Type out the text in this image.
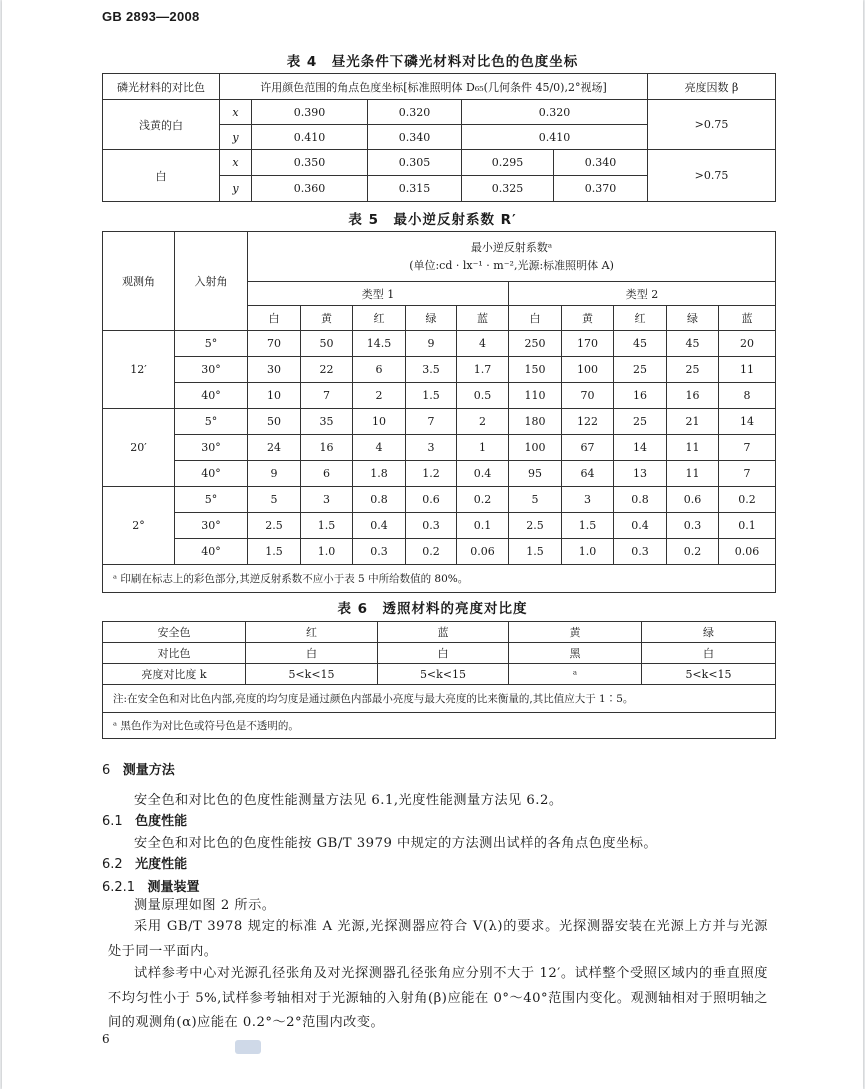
GB 2893—2008
表 4　昼光条件下磷光材料对比色的色度坐标
磷光材料的对比色	许用颜色范围的角点色度坐标[标准照明体 D₆₅(几何条件 45/0),2°视场]					亮度因数 β
浅黄的白	x	0.390	0.320	0.320		>0.75
	y	0.410	0.340	0.410		
白	x	0.350	0.305	0.295	0.340	>0.75
	y	0.360	0.315	0.325	0.370	
表 5　最小逆反射系数 R′
观测角	入射角	最小逆反射系数ᵃ
(单位:cd · lx⁻¹ · m⁻²,光源:标准照明体 A)									

		类型 1					类型 2				
		白	黄	红	绿	蓝	白	黄	红	绿	蓝
12′	5°	70	50	14.5	9	4	250	170	45	45	20
	30°	30	22	6	3.5	1.7	150	100	25	25	11
	40°	10	7	2	1.5	0.5	110	70	16	16	8
20′	5°	50	35	10	7	2	180	122	25	21	14
	30°	24	16	4	3	1	100	67	14	11	7
	40°	9	6	1.8	1.2	0.4	95	64	13	11	7
2°	5°	5	3	0.8	0.6	0.2	5	3	0.8	0.6	0.2
	30°	2.5	1.5	0.4	0.3	0.1	2.5	1.5	0.4	0.3	0.1
	40°	1.5	1.0	0.3	0.2	0.06	1.5	1.0	0.3	0.2	0.06
ᵃ 印刷在标志上的彩色部分,其逆反射系数不应小于表 5 中所给数值的 80%。											
表 6　透照材料的亮度对比度
安全色	红	蓝	黄	绿
对比色	白	白	黑	白
亮度对比度 k	5<k<15	5<k<15	ᵃ	5<k<15
注:在安全色和对比色内部,亮度的均匀度是通过颜色内部最小亮度与最大亮度的比来衡量的,其比值应大于 1∶5。				
ᵃ 黑色作为对比色或符号色是不透明的。				
6 测量方法
安全色和对比色的色度性能测量方法见 6.1,光度性能测量方法见 6.2。
6.1 色度性能
安全色和对比色的色度性能按 GB/T 3979 中规定的方法测出试样的各角点色度坐标。
6.2 光度性能
6.2.1 测量装置
测量原理如图 2 所示。
采用 GB/T 3978 规定的标准 A 光源,光探测器应符合 V(λ)的要求。光探测器安装在光源上方并与光源处于同一平面内。
试样参考中心对光源孔径张角及对光探测器孔径张角应分别不大于 12′。试样整个受照区域内的垂直照度不均匀性小于 5%,试样参考轴相对于光源轴的入射角(β)应能在 0°～40°范围内变化。观测轴相对于照明轴之间的观测角(α)应能在 0.2°～2°范围内改变。
6
